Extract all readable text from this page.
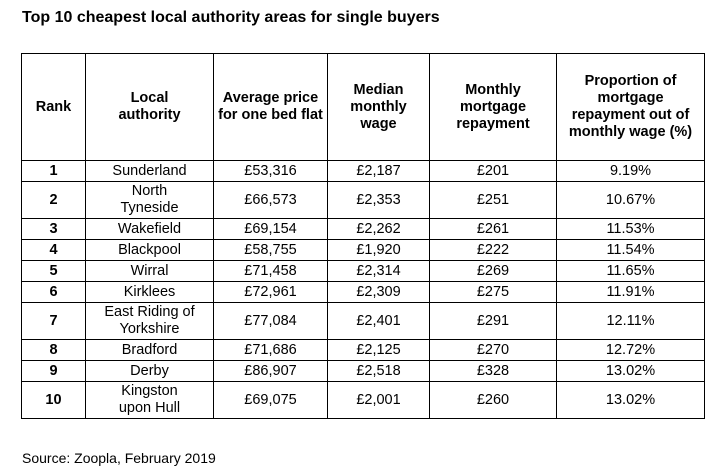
Top 10 cheapest local authority areas for single buyers
Rank	Local authority	Average price for one bed flat	Median monthly wage	Monthly mortgage repayment	Proportion of mortgage repayment out of monthly wage (%)
1	Sunderland	£53,316	£2,187	£201	9.19%
2	North Tyneside	£66,573	£2,353	£251	10.67%
3	Wakefield	£69,154	£2,262	£261	11.53%
4	Blackpool	£58,755	£1,920	£222	11.54%
5	Wirral	£71,458	£2,314	£269	11.65%
6	Kirklees	£72,961	£2,309	£275	11.91%
7	East Riding of Yorkshire	£77,084	£2,401	£291	12.11%
8	Bradford	£71,686	£2,125	£270	12.72%
9	Derby	£86,907	£2,518	£328	13.02%
10	Kingston upon Hull	£69,075	£2,001	£260	13.02%
Source: Zoopla, February 2019
